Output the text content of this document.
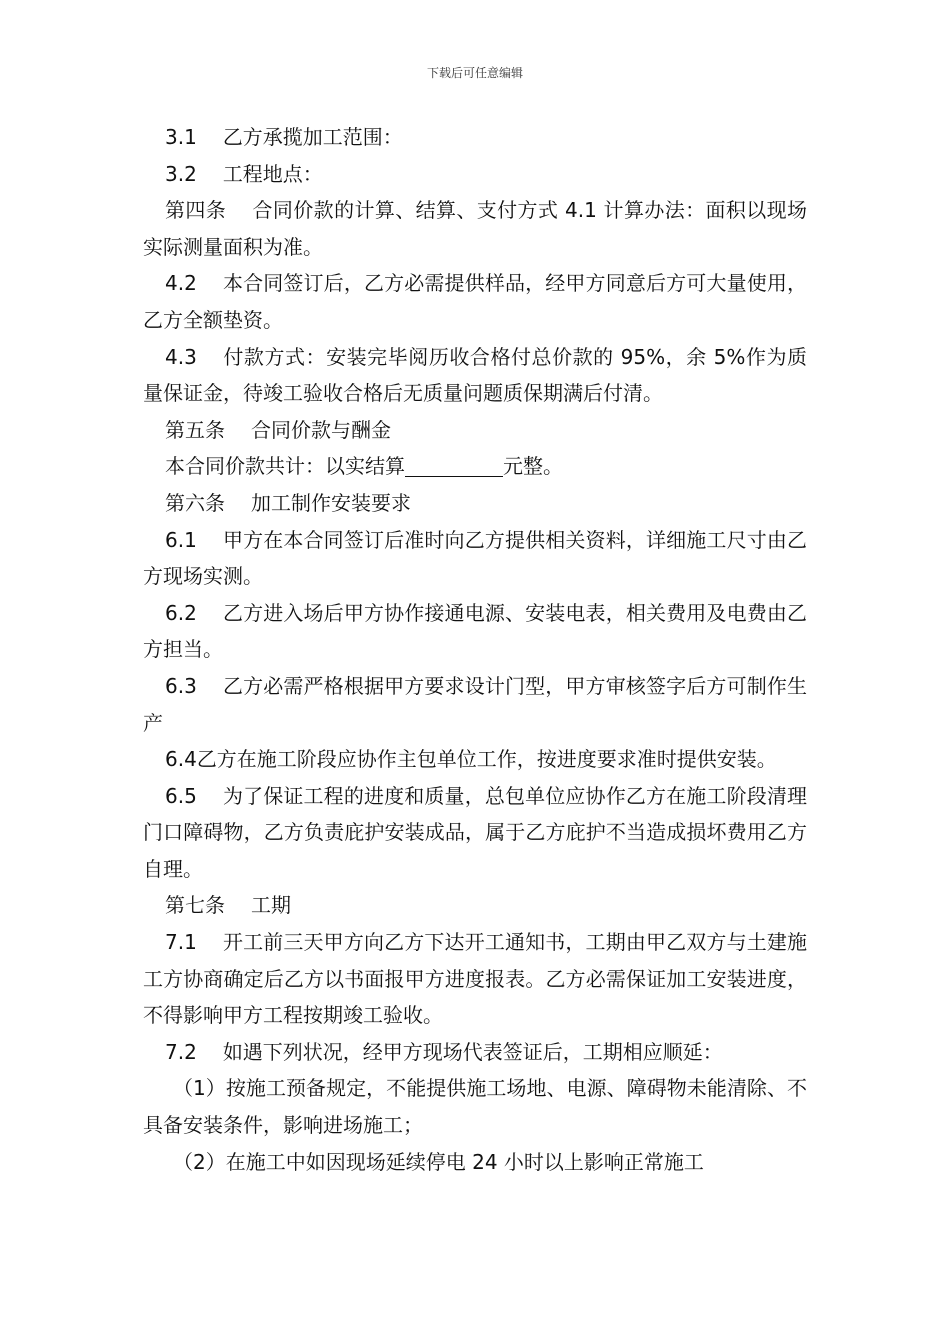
下载后可任意编辑

3.1 乙方承揽加工范围：

3.2 工程地点：

第四条 合同价款的计算、结算、支付方式 4.1 计算办法：面积以现场实际测量面积为准。

4.2 本合同签订后，乙方必需提供样品，经甲方同意后方可大量使用，乙方全额垫资。

4.3 付款方式：安装完毕阅历收合格付总价款的 95%，余 5%作为质量保证金，待竣工验收合格后无质量问题质保期满后付清。

第五条 合同价款与酬金

本合同价款共计：以实结算	元整。

第六条 加工制作安装要求

6.1 甲方在本合同签订后准时向乙方提供相关资料，详细施工尺寸由乙方现场实测。

6.2 乙方进入场后甲方协作接通电源、安装电表，相关费用及电费由乙方担当。

6.3 乙方必需严格根据甲方要求设计门型，甲方审核签字后方可制作生产

6.4乙方在施工阶段应协作主包单位工作，按进度要求准时提供安装。

6.5 为了保证工程的进度和质量，总包单位应协作乙方在施工阶段清理门口障碍物，乙方负责庇护安装成品，属于乙方庇护不当造成损坏费用乙方自理。

第七条 工期

7.1 开工前三天甲方向乙方下达开工通知书，工期由甲乙双方与土建施工方协商确定后乙方以书面报甲方进度报表。乙方必需保证加工安装进度，不得影响甲方工程按期竣工验收。

7.2 如遇下列状况，经甲方现场代表签证后，工期相应顺延：

（1）按施工预备规定，不能提供施工场地、电源、障碍物未能清除、不具备安装条件，影响进场施工；

（2）在施工中如因现场延续停电 24 小时以上影响正常施工
